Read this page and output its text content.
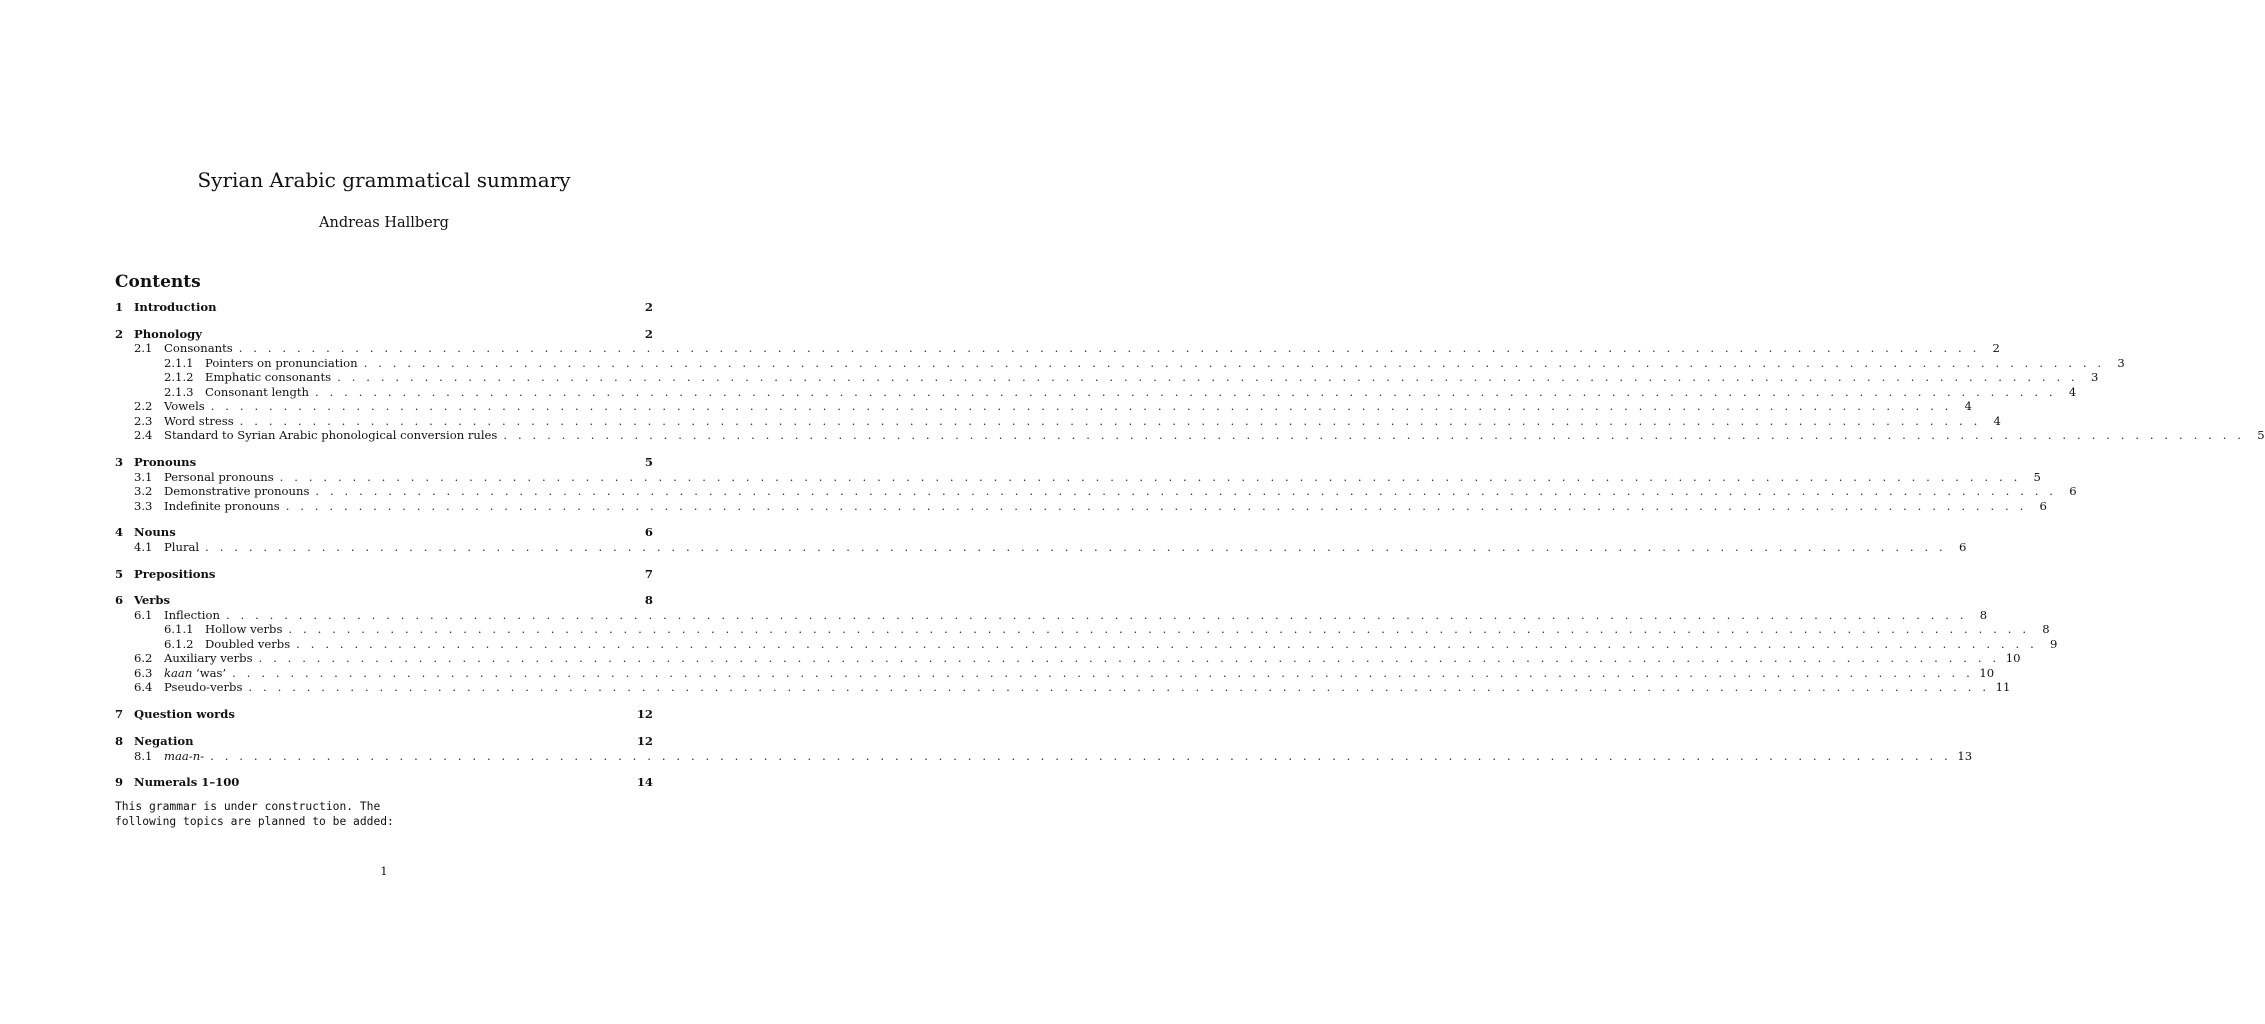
Syrian Arabic grammatical summary
Andreas Hallberg
Contents
1 Introduction	2
2 Phonology	2
2.1 Consonants . . . . . . . . . . . . . . . . . . . . . . . . . . . . . . . . . . . . . . . . . . . . . . . . . . . . . . . . . . . . . . . . . . . . . . . . . . . . . . . . . . . . . . . . . . . . . . . . . . . . . . . . . . . . . . . . . . . . . . . .	2
2.1.1 Pointers on pronunciation . . . . . . . . . . . . . . . . . . . . . . . . . . . . . . . . . . . . . . . . . . . . . . . . . . . . . . . . . . . . . . . . . . . . . . . . . . . . . . . . . . . . . . . . . . . . . . . . . . . . . . . . . . . . . . . . . . . . . . . .	3
2.1.2 Emphatic consonants . . . . . . . . . . . . . . . . . . . . . . . . . . . . . . . . . . . . . . . . . . . . . . . . . . . . . . . . . . . . . . . . . . . . . . . . . . . . . . . . . . . . . . . . . . . . . . . . . . . . . . . . . . . . . . . . . . . . . . . .	3
2.1.3 Consonant length . . . . . . . . . . . . . . . . . . . . . . . . . . . . . . . . . . . . . . . . . . . . . . . . . . . . . . . . . . . . . . . . . . . . . . . . . . . . . . . . . . . . . . . . . . . . . . . . . . . . . . . . . . . . . . . . . . . . . . . .	4
2.2 Vowels . . . . . . . . . . . . . . . . . . . . . . . . . . . . . . . . . . . . . . . . . . . . . . . . . . . . . . . . . . . . . . . . . . . . . . . . . . . . . . . . . . . . . . . . . . . . . . . . . . . . . . . . . . . . . . . . . . . . . . . .	4
2.3 Word stress . . . . . . . . . . . . . . . . . . . . . . . . . . . . . . . . . . . . . . . . . . . . . . . . . . . . . . . . . . . . . . . . . . . . . . . . . . . . . . . . . . . . . . . . . . . . . . . . . . . . . . . . . . . . . . . . . . . . . . . .	4
2.4 Standard to Syrian Arabic phonological conversion rules . . . . . . . . . . . . . . . . . . . . . . . . . . . . . . . . . . . . . . . . . . . . . . . . . . . . . . . . . . . . . . . . . . . . . . . . . . . . . . . . . . . . . . . . . . . . . . . . . . . . . . . . . . . . . . . . . . . . . . . .	5
3 Pronouns	5
3.1 Personal pronouns . . . . . . . . . . . . . . . . . . . . . . . . . . . . . . . . . . . . . . . . . . . . . . . . . . . . . . . . . . . . . . . . . . . . . . . . . . . . . . . . . . . . . . . . . . . . . . . . . . . . . . . . . . . . . . . . . . . . . . . .	5
3.2 Demonstrative pronouns . . . . . . . . . . . . . . . . . . . . . . . . . . . . . . . . . . . . . . . . . . . . . . . . . . . . . . . . . . . . . . . . . . . . . . . . . . . . . . . . . . . . . . . . . . . . . . . . . . . . . . . . . . . . . . . . . . . . . . . .	6
3.3 Indefinite pronouns . . . . . . . . . . . . . . . . . . . . . . . . . . . . . . . . . . . . . . . . . . . . . . . . . . . . . . . . . . . . . . . . . . . . . . . . . . . . . . . . . . . . . . . . . . . . . . . . . . . . . . . . . . . . . . . . . . . . . . . .	6
4 Nouns	6
4.1 Plural . . . . . . . . . . . . . . . . . . . . . . . . . . . . . . . . . . . . . . . . . . . . . . . . . . . . . . . . . . . . . . . . . . . . . . . . . . . . . . . . . . . . . . . . . . . . . . . . . . . . . . . . . . . . . . . . . . . . . . . .	6
5 Prepositions	7
6 Verbs	8
6.1 Inflection . . . . . . . . . . . . . . . . . . . . . . . . . . . . . . . . . . . . . . . . . . . . . . . . . . . . . . . . . . . . . . . . . . . . . . . . . . . . . . . . . . . . . . . . . . . . . . . . . . . . . . . . . . . . . . . . . . . . . . . .	8
6.1.1 Hollow verbs . . . . . . . . . . . . . . . . . . . . . . . . . . . . . . . . . . . . . . . . . . . . . . . . . . . . . . . . . . . . . . . . . . . . . . . . . . . . . . . . . . . . . . . . . . . . . . . . . . . . . . . . . . . . . . . . . . . . . . . .	8
6.1.2 Doubled verbs . . . . . . . . . . . . . . . . . . . . . . . . . . . . . . . . . . . . . . . . . . . . . . . . . . . . . . . . . . . . . . . . . . . . . . . . . . . . . . . . . . . . . . . . . . . . . . . . . . . . . . . . . . . . . . . . . . . . . . . .	9
6.2 Auxiliary verbs . . . . . . . . . . . . . . . . . . . . . . . . . . . . . . . . . . . . . . . . . . . . . . . . . . . . . . . . . . . . . . . . . . . . . . . . . . . . . . . . . . . . . . . . . . . . . . . . . . . . . . . . . . . . . . . . . . . . . . . . 10
6.3 kaan ‘was’ . . . . . . . . . . . . . . . . . . . . . . . . . . . . . . . . . . . . . . . . . . . . . . . . . . . . . . . . . . . . . . . . . . . . . . . . . . . . . . . . . . . . . . . . . . . . . . . . . . . . . . . . . . . . . . . . . . . . . . . . 10
6.4 Pseudo-verbs . . . . . . . . . . . . . . . . . . . . . . . . . . . . . . . . . . . . . . . . . . . . . . . . . . . . . . . . . . . . . . . . . . . . . . . . . . . . . . . . . . . . . . . . . . . . . . . . . . . . . . . . . . . . . . . . . . . . . . . . 11
7 Question words	12
8 Negation	12
8.1 maa-n- . . . . . . . . . . . . . . . . . . . . . . . . . . . . . . . . . . . . . . . . . . . . . . . . . . . . . . . . . . . . . . . . . . . . . . . . . . . . . . . . . . . . . . . . . . . . . . . . . . . . . . . . . . . . . . . . . . . . . . . . 13
9 Numerals 1–100	14
This grammar is under construction. The
following topics are planned to be added:
1
